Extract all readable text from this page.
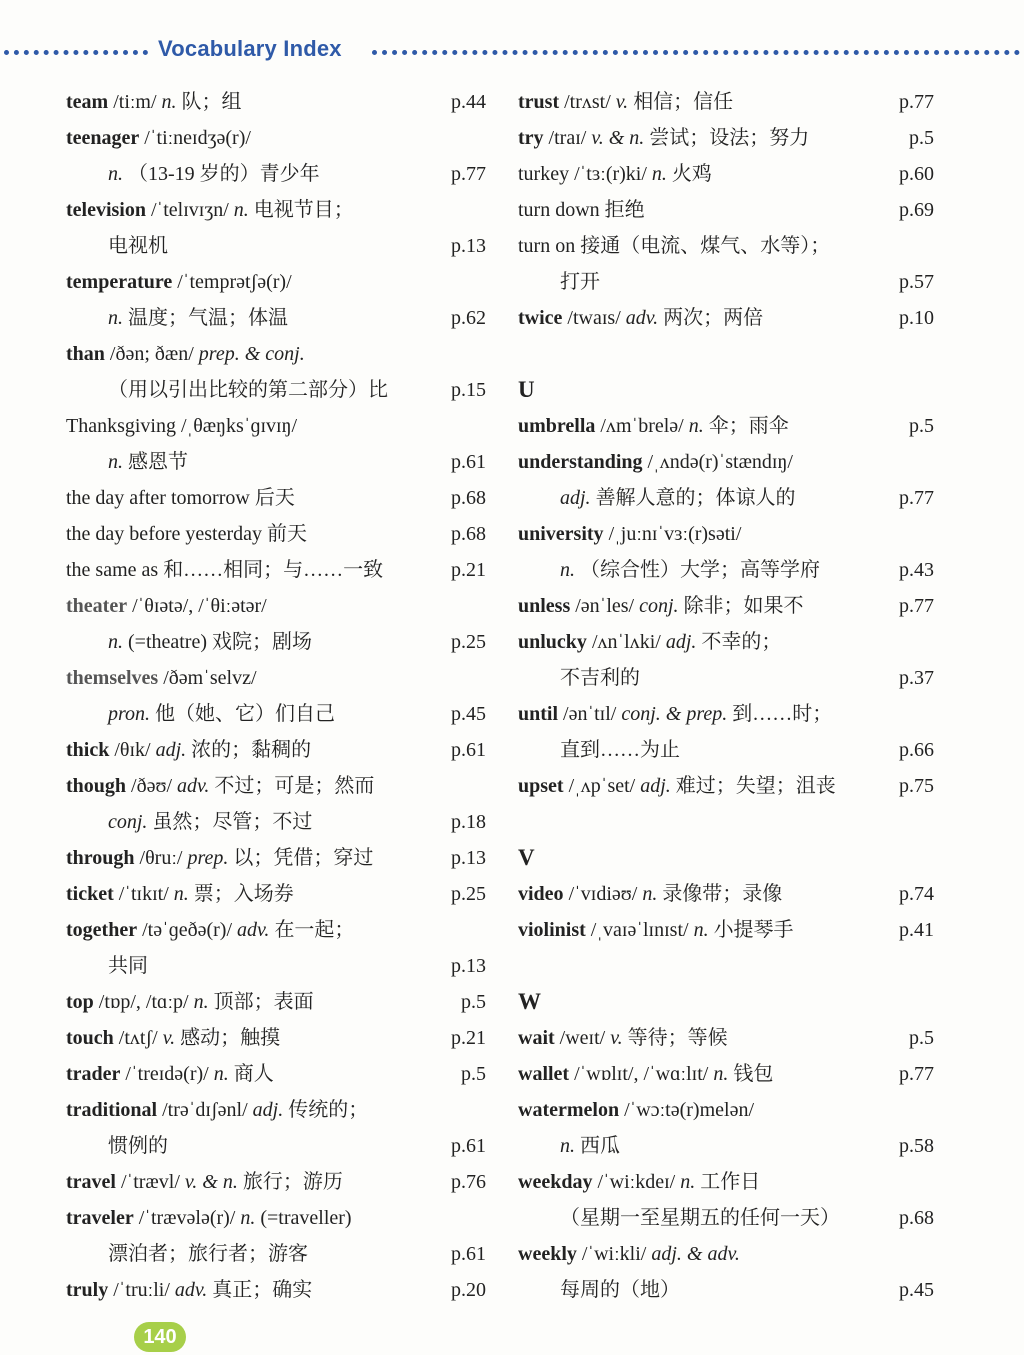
Vocabulary Index
team /tiːm/ n. 队；组	p.44
teenager /ˈtiːneɪdʒə(r)/
n. （13-19 岁的）青少年	p.77
television /ˈtelɪvɪʒn/ n. 电视节目；
电视机	p.13
temperature /ˈtemprətʃə(r)/
n. 温度；气温；体温	p.62
than /ðən; ðæn/ prep. & conj.
（用以引出比较的第二部分）比	p.15
Thanksgiving /ˌθæŋksˈɡɪvɪŋ/
n. 感恩节	p.61
the day after tomorrow 后天	p.68
the day before yesterday 前天	p.68
the same as 和……相同；与……一致	p.21
theater /ˈθɪətə/, /ˈθiːətər/
n. (=theatre) 戏院；剧场	p.25
themselves /ðəmˈselvz/
pron. 他（她、它）们自己	p.45
thick /θɪk/ adj. 浓的；黏稠的	p.61
though /ðəʊ/ adv. 不过；可是；然而
conj. 虽然；尽管；不过	p.18
through /θruː/ prep. 以；凭借；穿过	p.13
ticket /ˈtɪkɪt/ n. 票；入场券	p.25
together /təˈɡeðə(r)/ adv. 在一起；
共同	p.13
top /tɒp/, /tɑːp/ n. 顶部；表面	p.5
touch /tʌtʃ/ v. 感动；触摸	p.21
trader /ˈtreɪdə(r)/ n. 商人	p.5
traditional /trəˈdɪʃənl/ adj. 传统的；
惯例的	p.61
travel /ˈtrævl/ v. & n. 旅行；游历	p.76
traveler /ˈtrævələ(r)/ n. (=traveller)
漂泊者；旅行者；游客	p.61
truly /ˈtruːli/ adv. 真正；确实	p.20
trust /trʌst/ v. 相信；信任	p.77
try /traɪ/ v. & n. 尝试；设法；努力	p.5
turkey /ˈtɜː(r)ki/ n. 火鸡	p.60
turn down 拒绝	p.69
turn on 接通（电流、煤气、水等）；
打开	p.57
twice /twaɪs/ adv. 两次；两倍	p.10
U
umbrella /ʌmˈbrelə/ n. 伞；雨伞	p.5
understanding /ˌʌndə(r)ˈstændɪŋ/
adj. 善解人意的；体谅人的	p.77
university /ˌjuːnɪˈvɜː(r)səti/
n. （综合性）大学；高等学府	p.43
unless /ənˈles/ conj. 除非；如果不	p.77
unlucky /ʌnˈlʌki/ adj. 不幸的；
不吉利的	p.37
until /ənˈtɪl/ conj. & prep. 到……时；
直到……为止	p.66
upset /ˌʌpˈset/ adj. 难过；失望；沮丧	p.75
V
video /ˈvɪdiəʊ/ n. 录像带；录像	p.74
violinist /ˌvaɪəˈlɪnɪst/ n. 小提琴手	p.41
W
wait /weɪt/ v. 等待；等候	p.5
wallet /ˈwɒlɪt/, /ˈwɑːlɪt/ n. 钱包	p.77
watermelon /ˈwɔːtə(r)melən/
n. 西瓜	p.58
weekday /ˈwiːkdeɪ/ n. 工作日
（星期一至星期五的任何一天）	p.68
weekly /ˈwiːkli/ adj. & adv.
每周的（地）	p.45
140
